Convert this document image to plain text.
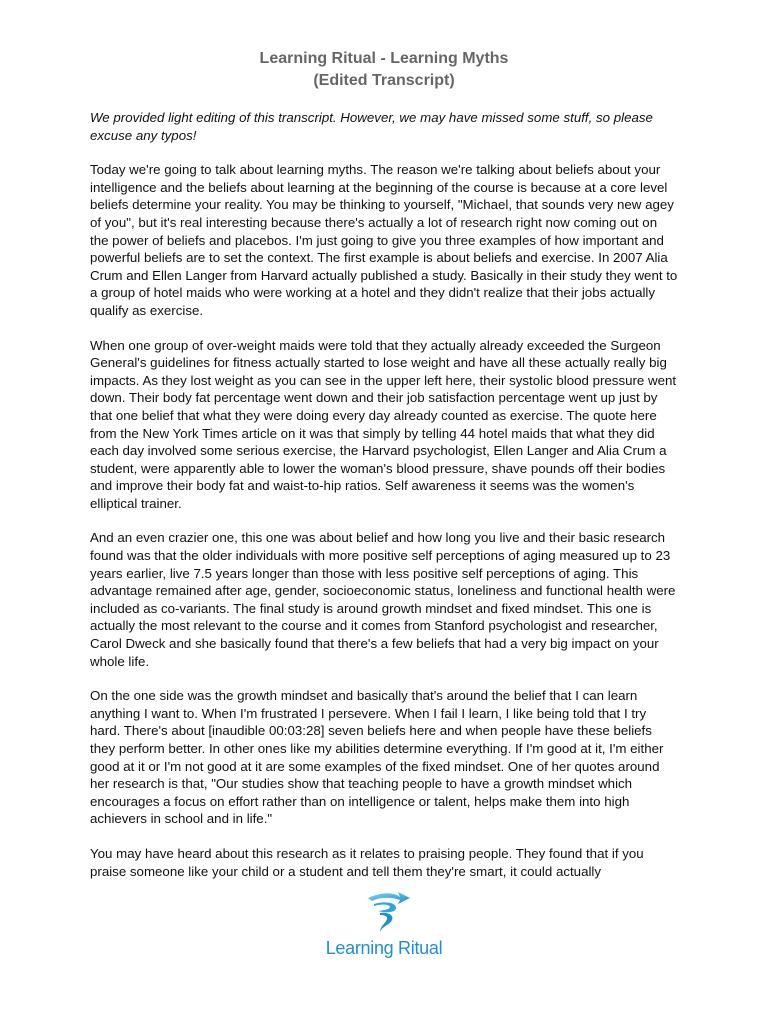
Learning Ritual - Learning Myths
(Edited Transcript)

We provided light editing of this transcript. However, we may have missed some stuff, so please excuse any typos!

Today we're going to talk about learning myths. The reason we're talking about beliefs about your intelligence and the beliefs about learning at the beginning of the course is because at a core level beliefs determine your reality. You may be thinking to yourself, "Michael, that sounds very new agey of you", but it's real interesting because there's actually a lot of research right now coming out on the power of beliefs and placebos. I'm just going to give you three examples of how important and powerful beliefs are to set the context. The first example is about beliefs and exercise. In 2007 Alia Crum and Ellen Langer from Harvard actually published a study. Basically in their study they went to a group of hotel maids who were working at a hotel and they didn't realize that their jobs actually qualify as exercise.

When one group of over-weight maids were told that they actually already exceeded the Surgeon General's guidelines for fitness actually started to lose weight and have all these actually really big impacts. As they lost weight as you can see in the upper left here, their systolic blood pressure went down. Their body fat percentage went down and their job satisfaction percentage went up just by that one belief that what they were doing every day already counted as exercise. The quote here from the New York Times article on it was that simply by telling 44 hotel maids that what they did each day involved some serious exercise, the Harvard psychologist, Ellen Langer and Alia Crum a student, were apparently able to lower the woman's blood pressure, shave pounds off their bodies and improve their body fat and waist-to-hip ratios. Self awareness it seems was the women's elliptical trainer.

And an even crazier one, this one was about belief and how long you live and their basic research found was that the older individuals with more positive self perceptions of aging measured up to 23 years earlier, live 7.5 years longer than those with less positive self perceptions of aging. This advantage remained after age, gender, socioeconomic status, loneliness and functional health were included as co-variants. The final study is around growth mindset and fixed mindset. This one is actually the most relevant to the course and it comes from Stanford psychologist and researcher, Carol Dweck and she basically found that there's a few beliefs that had a very big impact on your whole life.

On the one side was the growth mindset and basically that's around the belief that I can learn anything I want to. When I'm frustrated I persevere. When I fail I learn, I like being told that I try hard. There's about [inaudible 00:03:28] seven beliefs here and when people have these beliefs they perform better. In other ones like my abilities determine everything. If I'm good at it, I'm either good at it or I'm not good at it are some examples of the fixed mindset. One of her quotes around her research is that, "Our studies show that teaching people to have a growth mindset which encourages a focus on effort rather than on intelligence or talent, helps make them into high achievers in school and in life."

You may have heard about this research as it relates to praising people. They found that if you praise someone like your child or a student and tell them they're smart, it could actually

Learning Ritual
